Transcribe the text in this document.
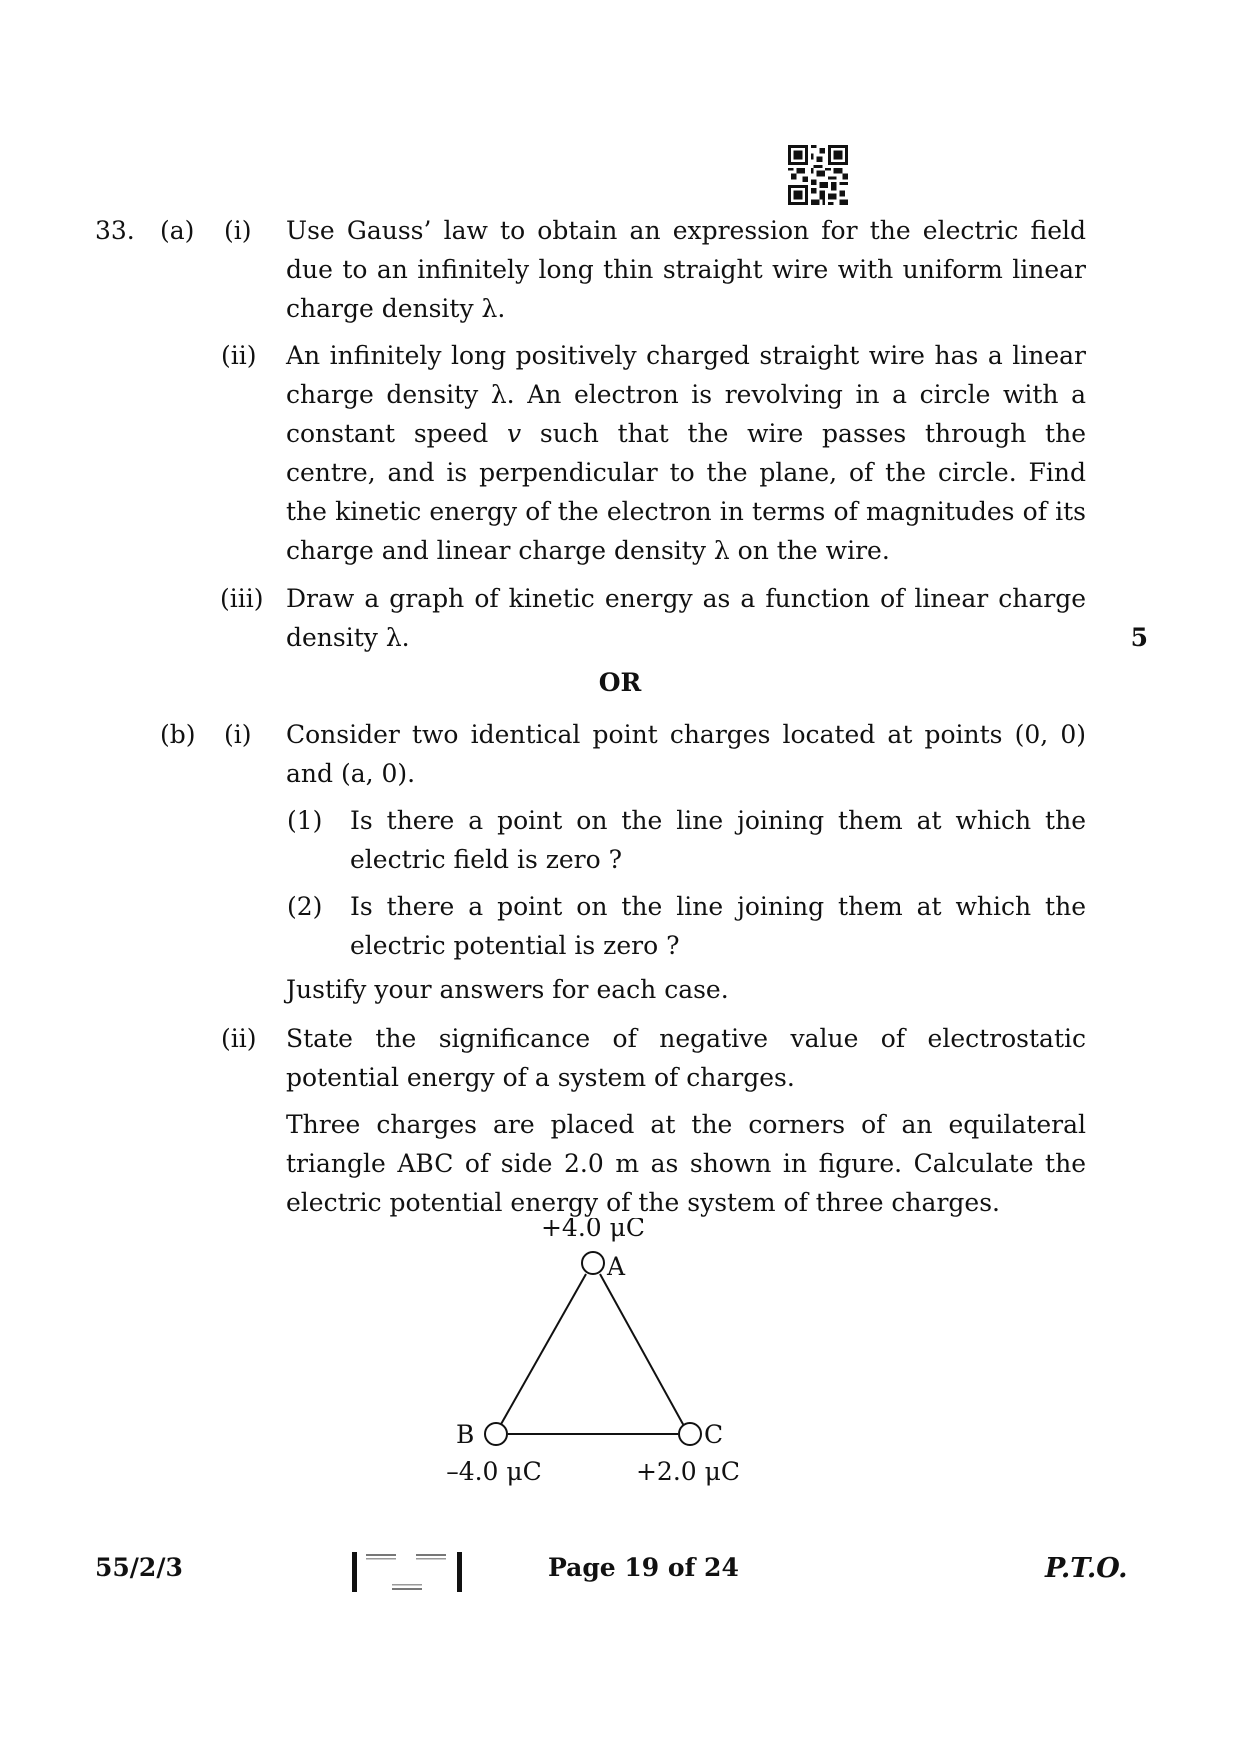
33. (a) (i) Use Gauss’ law to obtain an expression for the electric field due to an infinitely long thin straight wire with uniform linear charge density λ.
(ii) An infinitely long positively charged straight wire has a linear charge density λ. An electron is revolving in a circle with a constant speed v such that the wire passes through the centre, and is perpendicular to the plane, of the circle. Find the kinetic energy of the electron in terms of magnitudes of its charge and linear charge density λ on the wire.
(iii) Draw a graph of kinetic energy as a function of linear charge density λ.	5
OR
(b) (i) Consider two identical point charges located at points (0, 0) and (a, 0).
(1) Is there a point on the line joining them at which the electric field is zero ?
(2) Is there a point on the line joining them at which the electric potential is zero ?
Justify your answers for each case.
(ii) State the significance of negative value of electrostatic potential energy of a system of charges.
Three charges are placed at the corners of an equilateral triangle ABC of side 2.0 m as shown in figure. Calculate the electric potential energy of the system of three charges.
+4.0 μC
A
B	C
–4.0 μC	+2.0 μC
55/2/3	Page 19 of 24	P.T.O.
